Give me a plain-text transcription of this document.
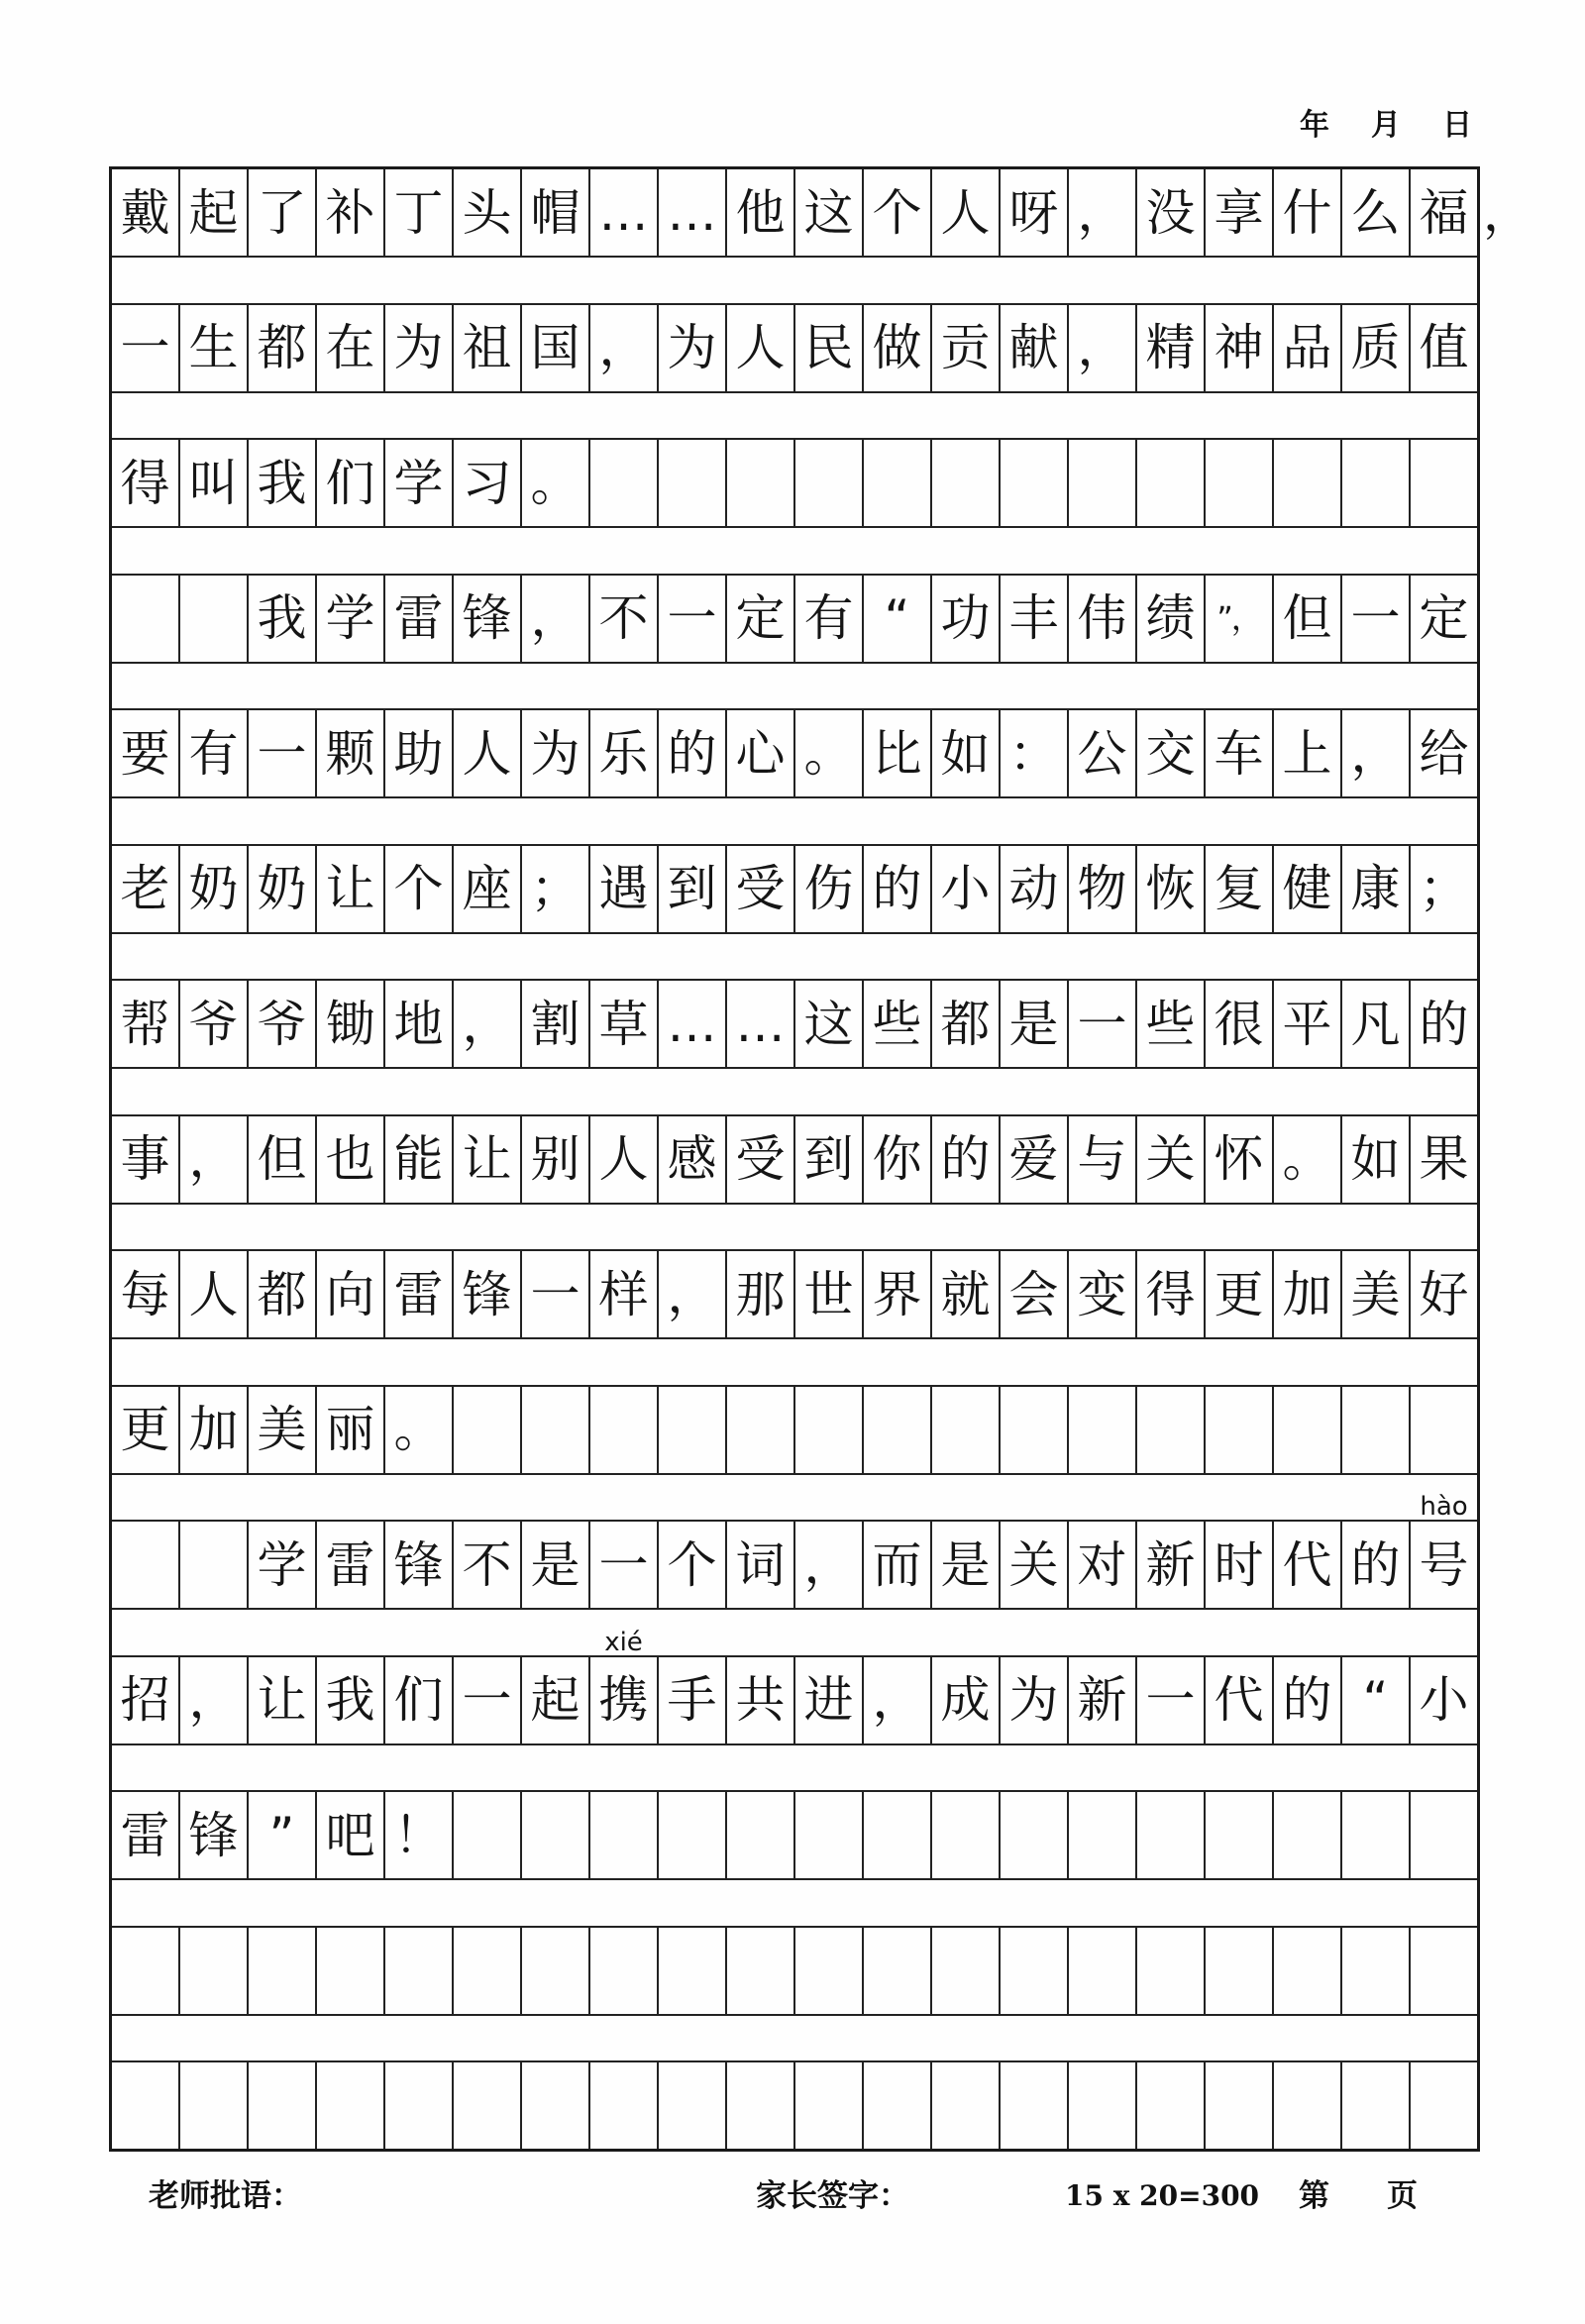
年 月 日
戴 起 了 补 丁 头 帽 … … 他 这 个 人 呀 ， 没 享 什 么 福 ，
一 生 都 在 为 祖 国 ， 为 人 民 做 贡 献 ， 精 神 品 质 值
得 叫 我 们 学 习 。
我 学 雷 锋 ， 不 一 定 有 “ 功 丰 伟 绩 ”， 但 一 定
要 有 一 颗 助 人 为 乐 的 心 。 比 如 ： 公 交 车 上 ， 给
老 奶 奶 让 个 座 ； 遇 到 受 伤 的 小 动 物 恢 复 健 康 ；
帮 爷 爷 锄 地 ， 割 草 … … 这 些 都 是 一 些 很 平 凡 的
事 ， 但 也 能 让 别 人 感 受 到 你 的 爱 与 关 怀 。 如 果
每 人 都 向 雷 锋 一 样 ， 那 世 界 就 会 变 得 更 加 美 好
更 加 美 丽 。
学 雷 锋 不 是 一 个 词 ， 而 是 关 对 新 时 代 的 号
hào
招 ， 让 我 们 一 起 携
xié
手 共 进 ， 成 为 新 一 代 的 “ 小
雷 锋 ” 吧 ！
老师批语：	家长签字：	15 x 20=300 第 页
